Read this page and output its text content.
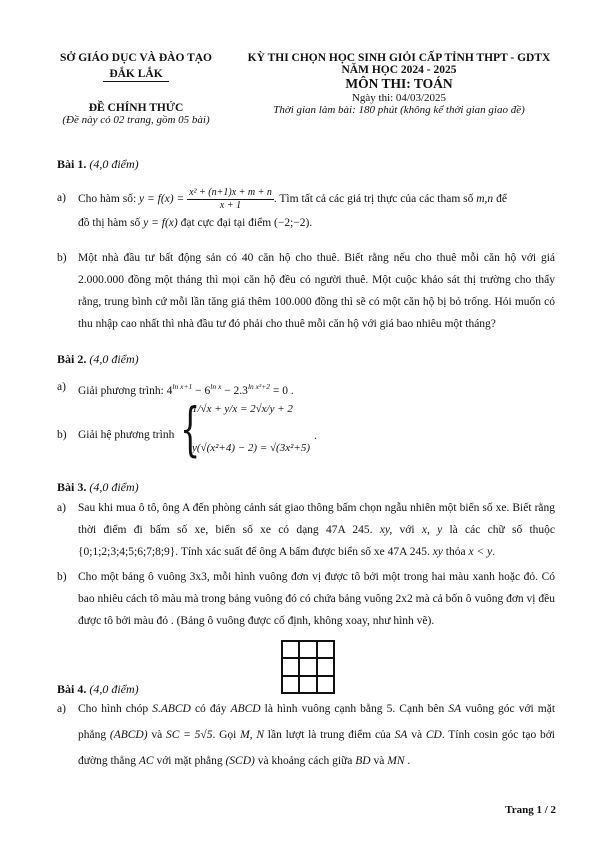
SỞ GIÁO DỤC VÀ ĐÀO TẠO
ĐẮK LẮK
ĐỀ CHÍNH THỨC
(Đề này có 02 trang, gồm 05 bài)
KỲ THI CHỌN HỌC SINH GIỎI CẤP TỈNH THPT - GDTX
NĂM HỌC 2024 - 2025
MÔN THI: TOÁN
Ngày thi: 04/03/2025
Thời gian làm bài: 180 phút (không kể thời gian giao đề)
Bài 1. (4,0 điểm)
a) Cho hàm số: $y = f(x) = \frac{\text{x² + (n+1)x + m + n}}{x + 1}$ . Tìm tất cả các giá trị thực của các tham số m,n để
đồ thị hàm số y = f(x) đạt cực đại tại điểm (−2;−2).
b) Một nhà đầu tư bất động sản có 40 căn hộ cho thuê. Biết rằng nếu cho thuê mỗi căn hộ với giá 2.000.000 đồng một tháng thì mọi căn hộ đều có người thuê. Một cuộc khảo sát thị trường cho thấy rằng, trung bình cứ mỗi lần tăng giá thêm 100.000 đồng thì sẽ có một căn hộ bị bỏ trống. Hỏi muốn có thu nhập cao nhất thì nhà đầu tư đó phải cho thuê mỗi căn hộ với giá bao nhiêu một tháng?
Bài 2. (4,0 điểm)
a) Giải phương trình: $4^{ln x+1} - 6^{ln x} - 2.3^{ln x^2+2} = 0$ .
b) Giải hệ phương trình {
1/√x + y/x = 2√x/y + 2
y(√(x²+4) − 2) = √(3x²+5)
.
Bài 3. (4,0 điểm)
a) Sau khi mua ô tô, ông A đến phòng cảnh sát giao thông bấm chọn ngẫu nhiên một biển số xe. Biết rằng thời điểm đi bấm số xe, biển số xe có dạng 47A 245. xy, với x, y là các chữ số thuộc {0;1;2;3;4;5;6;7;8;9}. Tính xác suất để ông A bấm được biển số xe 47A 245. xy thỏa x < y.
b) Cho một bảng ô vuông 3x3, mỗi hình vuông đơn vị được tô bởi một trong hai màu xanh hoặc đỏ. Có bao nhiêu cách tô màu mà trong bảng vuông đó có chứa bảng vuông 2x2 mà cả bốn ô vuông đơn vị đều được tô bởi màu đỏ . (Bảng ô vuông được cố định, không xoay, như hình vẽ).
Bài 4. (4,0 điểm)
a) Cho hình chóp S.ABCD có đáy ABCD là hình vuông cạnh bằng 5. Cạnh bên SA vuông góc với mặt phẳng (ABCD) và SC = 5√5. Gọi M, N lần lượt là trung điểm của SA và CD. Tính cosin góc tạo bởi đường thẳng AC với mặt phẳng (SCD) và khoảng cách giữa BD và MN .
Trang 1 / 2
